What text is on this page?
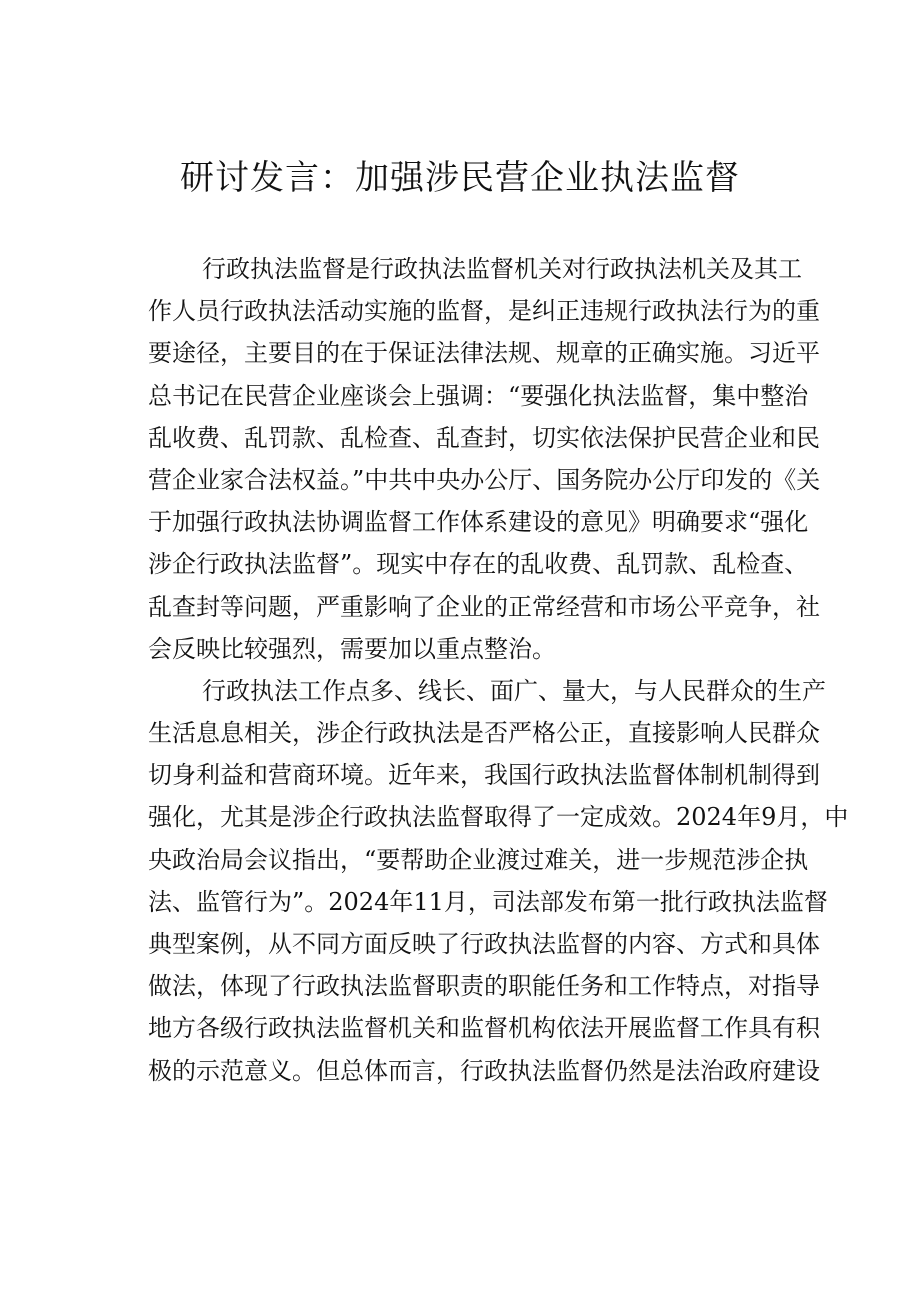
研讨发言：加强涉民营企业执法监督
行政执法监督是行政执法监督机关对行政执法机关及其工
作人员行政执法活动实施的监督，是纠正违规行政执法行为的重
要途径，主要目的在于保证法律法规、规章的正确实施。习近平
总书记在民营企业座谈会上强调：“要强化执法监督，集中整治
乱收费、乱罚款、乱检查、乱查封，切实依法保护民营企业和民
营企业家合法权益。”中共中央办公厅、国务院办公厅印发的《关
于加强行政执法协调监督工作体系建设的意见》明确要求“强化
涉企行政执法监督”。现实中存在的乱收费、乱罚款、乱检查、
乱查封等问题，严重影响了企业的正常经营和市场公平竞争，社
会反映比较强烈，需要加以重点整治。
行政执法工作点多、线长、面广、量大，与人民群众的生产
生活息息相关，涉企行政执法是否严格公正，直接影响人民群众
切身利益和营商环境。近年来，我国行政执法监督体制机制得到
强化，尤其是涉企行政执法监督取得了一定成效。2024年9月，中
央政治局会议指出，“要帮助企业渡过难关，进一步规范涉企执
法、监管行为”。2024年11月，司法部发布第一批行政执法监督
典型案例，从不同方面反映了行政执法监督的内容、方式和具体
做法，体现了行政执法监督职责的职能任务和工作特点，对指导
地方各级行政执法监督机关和监督机构依法开展监督工作具有积
极的示范意义。但总体而言，行政执法监督仍然是法治政府建设
